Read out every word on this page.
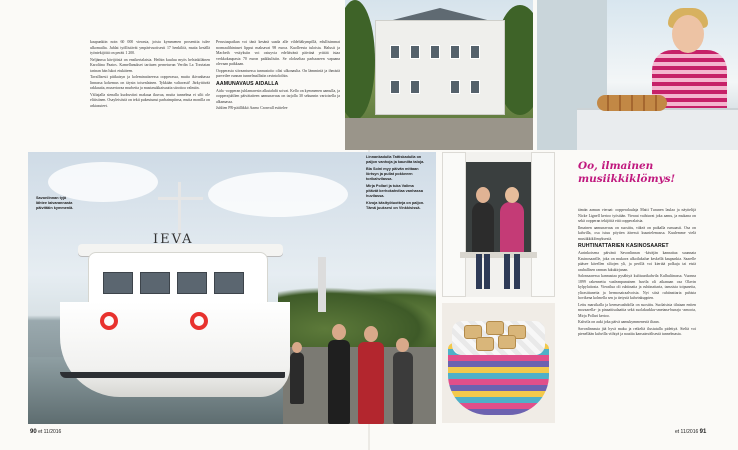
kaupunkiin noin 60 000 vierasta, joista kymmenen prosenttia tulee ulkomailta. Juhlat työllistävät ympärivuotisesti 17 henkilöä, mutta kesällä työntekijöitä on peräti 1 200.

Neljännsa kävijöistä on ensikertalaisia. Heihin kuuluu myös helsinkiläinen Karoliina Paatos. Kamellanukset tarttuen pernetuvan Verdin La Traviatan tarinan hän lukoi etukäteen.

Tavallisesti pitikaisyn ja koleminatiseessa oopperassa, mutta ikivanhassa linnassa kokemus on täysin toisenlainen. Tykkään valtavasti! Järkyttävää rakkautta, musertavaa murhetta ja mustasukkaisuutta särottoa valmiin.

Väliajalla sienalla kuohuviini makaua ikuvaa, mutta tunnelma ei silti ole elitistinen. Osayleisöstä on tekii pukeutunut parhaimpiinsa, mutta monilla on arkiasuteet.

Perustuspaikan voi tänä kesänä saada alle vildeltäkympillä, edullisimmat normaalihintaset lipput maksavat 98 euroa. Kuolleesta tuloista. Halusit ja Macbeth -esityksiin voi ostuyvia edeltävänä päivänä yrittää istaa verkkokaupasta 70 euron paikkulisiin. Se olokseltaa parhaaseen vapaana olevaan paikkaan.

Oopperasta siivaantuessa tunnustoito olisi ulkonaulta. On lämmintä ja ihmistä parveilee runnan tunnelmallisiin ravintoloihin.

AAMUNAVAUS AIDALLA

Aida -oopperan juhlamaresin alkutahdit soivat. Kello on kymmenen aamulla, ja oopperajuhlien päivätaiteen aamunavaus on tarjolla 30 sekunnin vartoisella ja alkamassa.

Juhlien PR-päällikkö Aarno Cronvall esittelee

IEVA
Savonlinnan tyjä lähtee laivarannasta päivittäin kymmeniä.

Linnankadulla Tattiskadulla on paljon vanhoja ja kauniita taloja.

Bia Soini myy päivän mittaan lörtsyn ja pullat pokkeeen torikahvilassa.

Mirja Pollari ja tuka Valima pitävät kerhokahvilaa vanhassa huvilassa.

Kivoja käsityötuotteja on paljon. Tämä juuksesi on Vinkkisissä.

Oo, ilmainen musiikkiklömys!

tämän aamun vieraat: oopperalaulaja Matti Turunen laulaa ja näyttelijä Nicke Lignell kertoo työstään. Vieraat vaihtuvat joka aamu, ja mukana on sekä oopperan tekijöitä että oopperalaisia.

Ilmainen aamunavaus on suosittu, väkeä on paikalla runsaasti. Osa on kahvilla, osa istuu pöytien ääressä kuuntelemassa. Kuulemme vielä musiikkiklömyksestä.

RUHTINATTARIEN KASINOSAARET

Aurinkoisena päivänä Savonlinnan -käväjän kannattaa suunnata Kasinosaarille, joka on mukava ulkoilukalue keskellä kaupunkia. Saarelle pääsee kävellen siltojen yli, ja perillä voi kiertää polkuja tai etsiä rauhallisen rannan lukukirjanan.

Salonsaaressa kannustaa pysähtyä kulttuurikahvila Kulhuliinassa. Vuonna 1899 rakennettu vaaleanpunainen huvila oli aikanaan osa Olavin kylpylaitosta. Vierailua oli ruhtinatia ja ruhtinattaria, tanssista toipuneita, ylirasittuneita ja hermosairaalvoisia. Nyt siisä ruhtinattaria pahista hovikena kolmella sen ja tietystä kahvinkuppien.

Lettu marsikalla ja kermavaahdolla on suosittu. Suolaisista tilataan eniten mozzarella- ja pinaattisalaattia sekä suolakurkku-smetana-hunaja -arnoota, Mirja Pollari kertoo.

Kahvila on auki joka päivä aamukymmenestä iltaan.

Savonlinnasta jää hyvä maku ja retkeltä ilustutulla pidettyä. Sieltä voi pienellään kahvilla viihtyä ja nautita kansainvälisestä tunnelmasta.

90 et 11/2016	et 11/2016 91
